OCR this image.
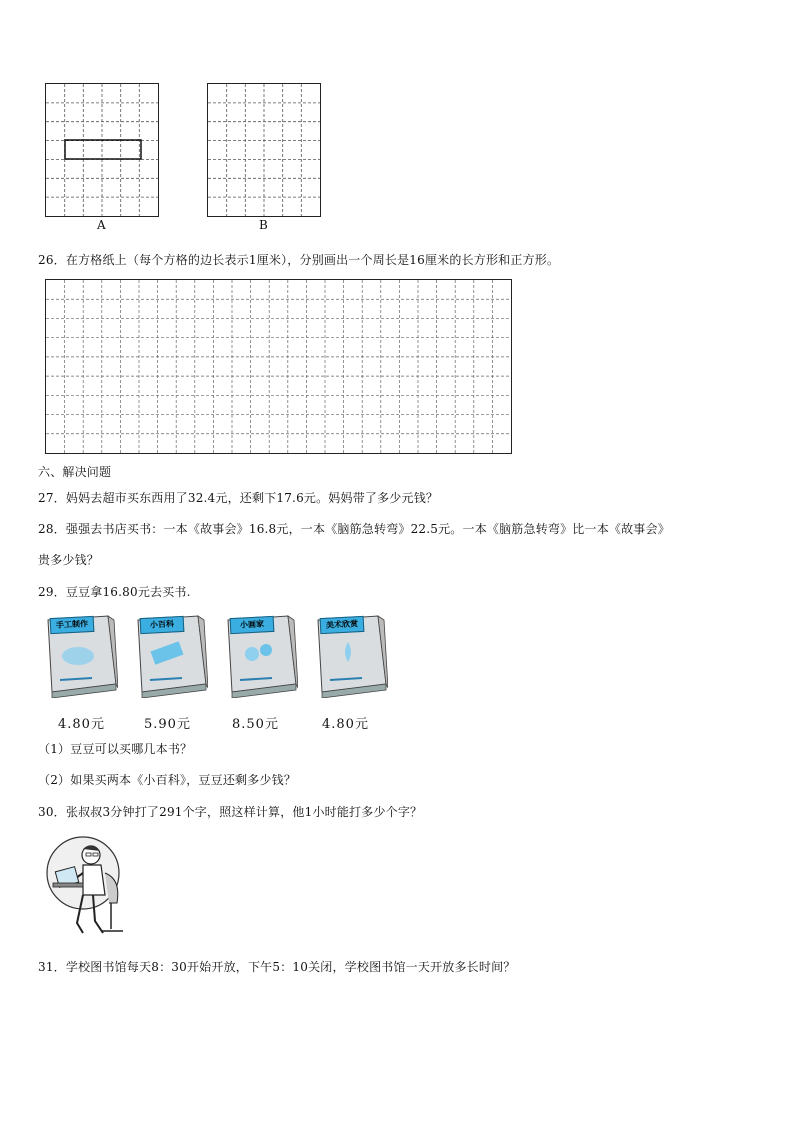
A	B
26．在方格纸上（每个方格的边长表示1厘米），分别画出一个周长是16厘米的长方形和正方形。
六、解决问题
27．妈妈去超市买东西用了32.4元，还剩下17.6元。妈妈带了多少元钱？
28．强强去书店买书：一本《故事会》16.8元，一本《脑筋急转弯》22.5元。一本《脑筋急转弯》比一本《故事会》
贵多少钱？
29．豆豆拿16.80元去买书.
手工制作
4.80元
小百科
5.90元
小画家
8.50元
美术欣赏
4.80元
（1）豆豆可以买哪几本书？
（2）如果买两本《小百科》，豆豆还剩多少钱？
30．张叔叔3分钟打了291个字，照这样计算，他1小时能打多少个字？
31．学校图书馆每天8：30开始开放，下午5：10关闭，学校图书馆一天开放多长时间？
